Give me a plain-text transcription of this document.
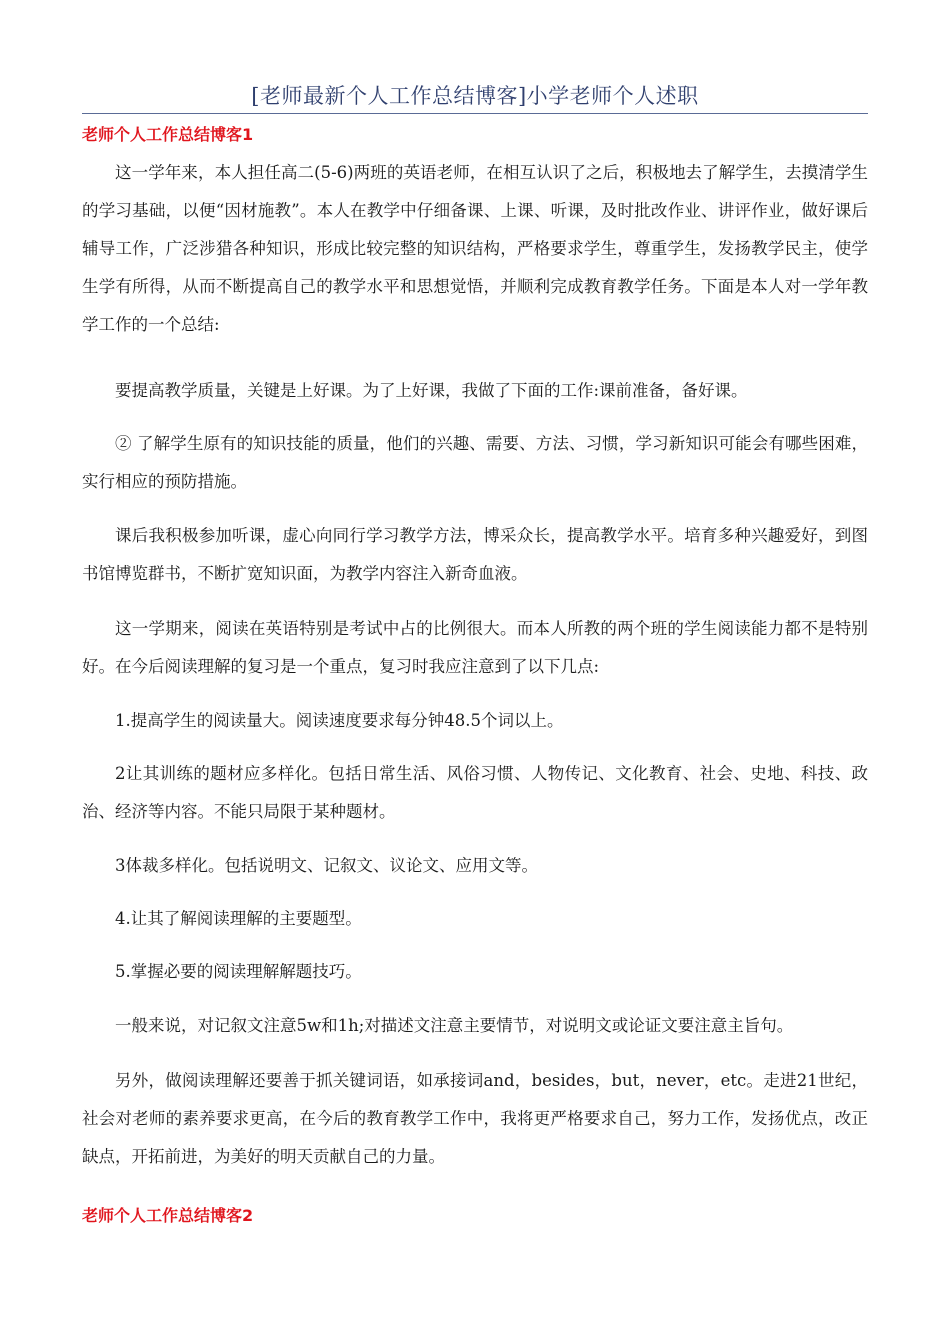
[老师最新个人工作总结博客]小学老师个人述职
老师个人工作总结博客1

这一学年来，本人担任高二(5-6)两班的英语老师，在相互认识了之后，积极地去了解学生，去摸清学生的学习基础，以便“因材施教”。本人在教学中仔细备课、上课、听课，及时批改作业、讲评作业，做好课后辅导工作，广泛涉猎各种知识，形成比较完整的知识结构，严格要求学生，尊重学生，发扬教学民主，使学生学有所得，从而不断提高自己的教学水平和思想觉悟，并顺利完成教育教学任务。下面是本人对一学年教学工作的一个总结:

要提高教学质量，关键是上好课。为了上好课，我做了下面的工作:课前准备，备好课。

② 了解学生原有的知识技能的质量，他们的兴趣、需要、方法、习惯，学习新知识可能会有哪些困难，实行相应的预防措施。

课后我积极参加听课，虚心向同行学习教学方法，博采众长，提高教学水平。培育多种兴趣爱好，到图书馆博览群书，不断扩宽知识面，为教学内容注入新奇血液。

这一学期来，阅读在英语特别是考试中占的比例很大。而本人所教的两个班的学生阅读能力都不是特别好。在今后阅读理解的复习是一个重点，复习时我应注意到了以下几点:

1.提高学生的阅读量大。阅读速度要求每分钟48.5个词以上。

2让其训练的题材应多样化。包括日常生活、风俗习惯、人物传记、文化教育、社会、史地、科技、政治、经济等内容。不能只局限于某种题材。

3体裁多样化。包括说明文、记叙文、议论文、应用文等。

4.让其了解阅读理解的主要题型。

5.掌握必要的阅读理解解题技巧。

一般来说，对记叙文注意5w和1h;对描述文注意主要情节，对说明文或论证文要注意主旨句。

另外，做阅读理解还要善于抓关键词语，如承接词and，besides，but，never，etc。走进21世纪，社会对老师的素养要求更高，在今后的教育教学工作中，我将更严格要求自己，努力工作，发扬优点，改正缺点，开拓前进，为美好的明天贡献自己的力量。

老师个人工作总结博客2
